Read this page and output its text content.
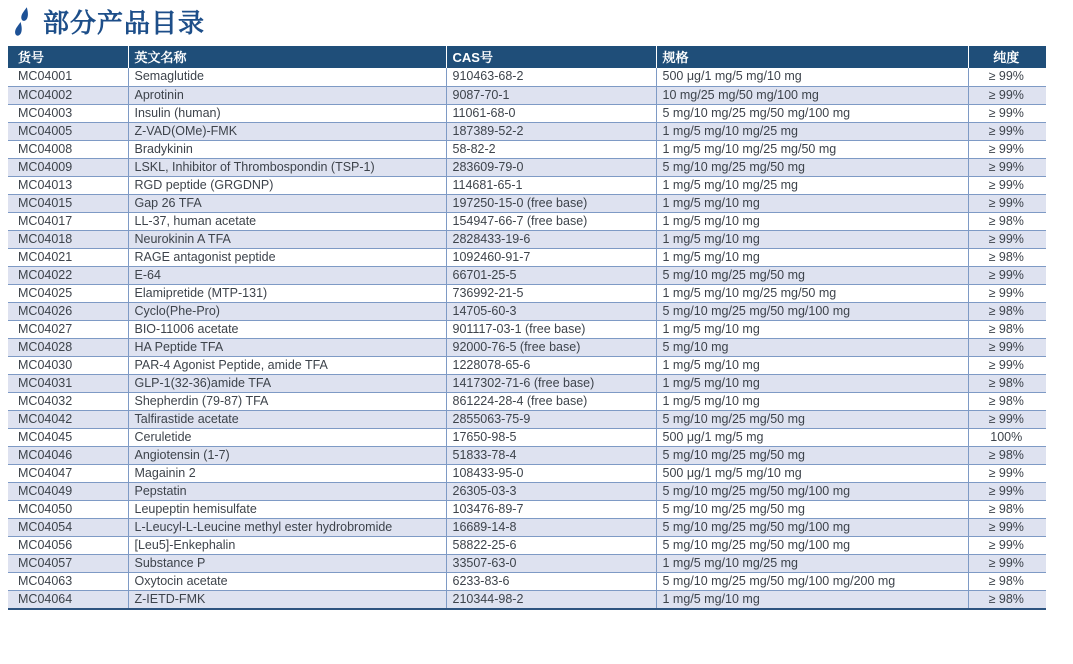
部分产品目录
货号	英文名称	CAS号	规格	纯度
MC04001	Semaglutide	910463-68-2	500 μg/1 mg/5 mg/10 mg	≥ 99%
MC04002	Aprotinin	9087-70-1	10 mg/25 mg/50 mg/100 mg	≥ 99%
MC04003	Insulin (human)	11061-68-0	5 mg/10 mg/25 mg/50 mg/100 mg	≥ 99%
MC04005	Z-VAD(OMe)-FMK	187389-52-2	1 mg/5 mg/10 mg/25 mg	≥ 99%
MC04008	Bradykinin	58-82-2	1 mg/5 mg/10 mg/25 mg/50 mg	≥ 99%
MC04009	LSKL, Inhibitor of Thrombospondin (TSP-1)	283609-79-0	5 mg/10 mg/25 mg/50 mg	≥ 99%
MC04013	RGD peptide (GRGDNP)	114681-65-1	1 mg/5 mg/10 mg/25 mg	≥ 99%
MC04015	Gap 26 TFA	197250-15-0 (free base)	1 mg/5 mg/10 mg	≥ 99%
MC04017	LL-37, human acetate	154947-66-7 (free base)	1 mg/5 mg/10 mg	≥ 98%
MC04018	Neurokinin A TFA	2828433-19-6	1 mg/5 mg/10 mg	≥ 99%
MC04021	RAGE antagonist peptide	1092460-91-7	1 mg/5 mg/10 mg	≥ 98%
MC04022	E-64	66701-25-5	5 mg/10 mg/25 mg/50 mg	≥ 99%
MC04025	Elamipretide (MTP-131)	736992-21-5	1 mg/5 mg/10 mg/25 mg/50 mg	≥ 99%
MC04026	Cyclo(Phe-Pro)	14705-60-3	5 mg/10 mg/25 mg/50 mg/100 mg	≥ 98%
MC04027	BIO-11006 acetate	901117-03-1 (free base)	1 mg/5 mg/10 mg	≥ 98%
MC04028	HA Peptide TFA	92000-76-5 (free base)	5 mg/10 mg	≥ 99%
MC04030	PAR-4 Agonist Peptide, amide TFA	1228078-65-6	1 mg/5 mg/10 mg	≥ 99%
MC04031	GLP-1(32-36)amide TFA	1417302-71-6 (free base)	1 mg/5 mg/10 mg	≥ 98%
MC04032	Shepherdin (79-87) TFA	861224-28-4 (free base)	1 mg/5 mg/10 mg	≥ 98%
MC04042	Talfirastide acetate	2855063-75-9	5 mg/10 mg/25 mg/50 mg	≥ 99%
MC04045	Ceruletide	17650-98-5	500 μg/1 mg/5 mg	100%
MC04046	Angiotensin (1-7)	51833-78-4	5 mg/10 mg/25 mg/50 mg	≥ 98%
MC04047	Magainin 2	108433-95-0	500 μg/1 mg/5 mg/10 mg	≥ 99%
MC04049	Pepstatin	26305-03-3	5 mg/10 mg/25 mg/50 mg/100 mg	≥ 99%
MC04050	Leupeptin hemisulfate	103476-89-7	5 mg/10 mg/25 mg/50 mg	≥ 98%
MC04054	L-Leucyl-L-Leucine methyl ester hydrobromide	16689-14-8	5 mg/10 mg/25 mg/50 mg/100 mg	≥ 99%
MC04056	[Leu5]-Enkephalin	58822-25-6	5 mg/10 mg/25 mg/50 mg/100 mg	≥ 99%
MC04057	Substance P	33507-63-0	1 mg/5 mg/10 mg/25 mg	≥ 99%
MC04063	Oxytocin acetate	6233-83-6	5 mg/10 mg/25 mg/50 mg/100 mg/200 mg	≥ 98%
MC04064	Z-IETD-FMK	210344-98-2	1 mg/5 mg/10 mg	≥ 98%
